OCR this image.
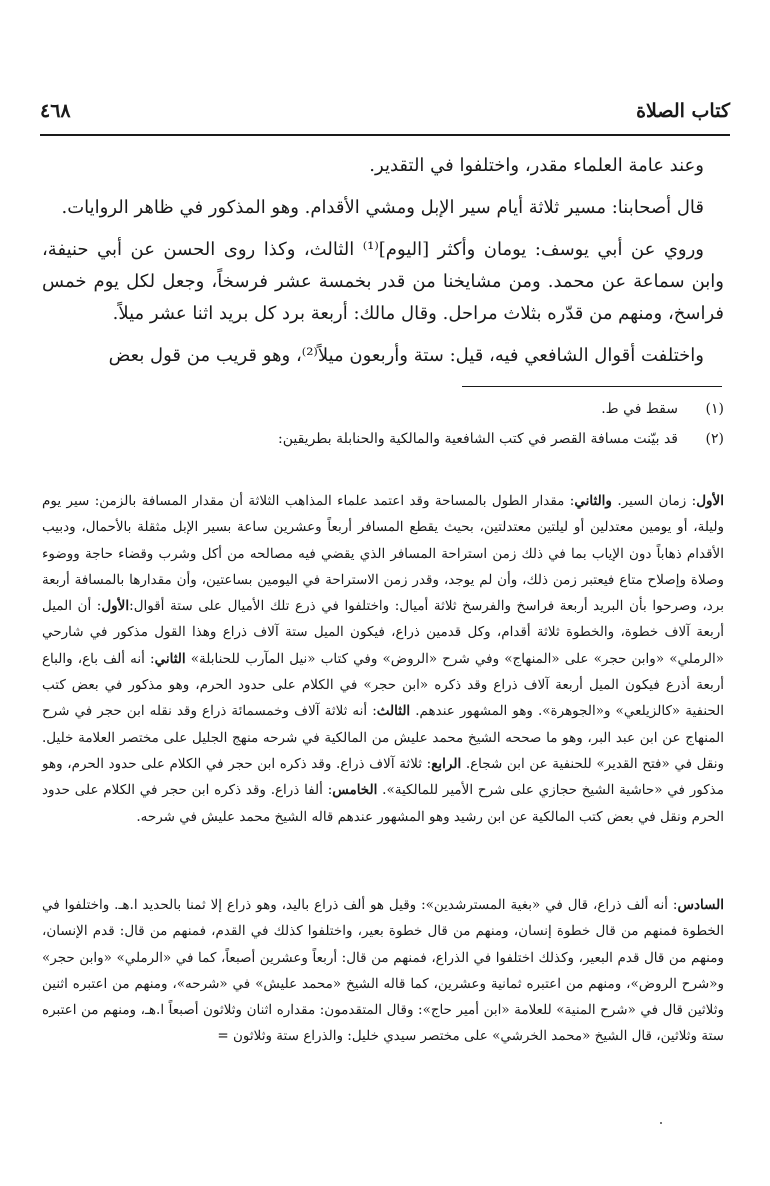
كتاب الصلاة
٤٦٨

وعند عامة العلماء مقدر، واختلفوا في التقدير.

قال أصحابنا: مسير ثلاثة أيام سير الإبل ومشي الأقدام. وهو المذكور في ظاهر الروايات.

وروي عن أبي يوسف: يومان وأكثر [اليوم]⁽¹⁾ الثالث، وكذا روى الحسن عن أبي حنيفة، وابن سماعة عن محمد. ومن مشايخنا من قدر بخمسة عشر فرسخاً، وجعل لكل يوم خمس فراسخ، ومنهم من قدّره بثلاث مراحل. وقال مالك: أربعة برد كل بريد اثنا عشر ميلاً.

واختلفت أقوال الشافعي فيه، قيل: ستة وأربعون ميلاً⁽²⁾، وهو قريب من قول بعض

(١)
سقط في ط.

(٢)
قد بيّنت مسافة القصر في كتب الشافعية والمالكية والحنابلة بطريقين:

الأول: زمان السير. والثاني: مقدار الطول بالمساحة وقد اعتمد علماء المذاهب الثلاثة أن مقدار المسافة بالزمن: سير يوم وليلة، أو يومين معتدلين أو ليلتين معتدلتين، بحيث يقطع المسافر أربعاً وعشرين ساعة بسير الإبل مثقلة بالأحمال، ودبيب الأقدام ذهاباً دون الإياب بما في ذلك زمن استراحة المسافر الذي يقضي فيه مصالحه من أكل وشرب وقضاء حاجة ووضوء وصلاة وإصلاح متاع فيعتبر زمن ذلك، وأن لم يوجد، وقدر زمن الاستراحة في اليومين بساعتين، وأن مقدارها بالمسافة أربعة برد، وصرحوا بأن البريد أربعة فراسخ والفرسخ ثلاثة أميال: واختلفوا في ذرع تلك الأميال على ستة أقوال:الأول: أن الميل أربعة آلاف خطوة، والخطوة ثلاثة أقدام، وكل قدمين ذراع، فيكون الميل ستة آلاف ذراع وهذا القول مذكور في شارحي «الرملي» «وابن حجر» على «المنهاج» وفي شرح «الروض» وفي كتاب «نيل المآرب للحنابلة» الثاني: أنه ألف باع، والباع أربعة أذرع فيكون الميل أربعة آلاف ذراع وقد ذكره «ابن حجر» في الكلام على حدود الحرم، وهو مذكور في بعض كتب الحنفية «كالزيلعي» و«الجوهرة». وهو المشهور عندهم. الثالث: أنه ثلاثة آلاف وخمسمائة ذراع وقد نقله ابن حجر في شرح المنهاج عن ابن عبد البر، وهو ما صححه الشيخ محمد عليش من المالكية في شرحه منهج الجليل على مختصر العلامة خليل. ونقل في «فتح القدير» للحنفية عن ابن شجاع. الرابع: ثلاثة آلاف ذراع. وقد ذكره ابن حجر في الكلام على حدود الحرم، وهو مذكور في «حاشية الشيخ حجازي على شرح الأمير للمالكية». الخامس: ألفا ذراع. وقد ذكره ابن حجر في الكلام على حدود الحرم ونقل في بعض كتب المالكية عن ابن رشيد وهو المشهور عندهم قاله الشيخ محمد عليش في شرحه.

السادس: أنه ألف ذراع، قال في «بغية المسترشدين»: وقيل هو ألف ذراع باليد، وهو ذراع إلا ثمنا بالحديد ا.هـ. واختلفوا في الخطوة فمنهم من قال خطوة إنسان، ومنهم من قال خطوة بعير، واختلفوا كذلك في القدم، فمنهم من قال: قدم الإنسان، ومنهم من قال قدم البعير، وكذلك اختلفوا في الذراع، فمنهم من قال: أربعاً وعشرين أصبعاً، كما في «الرملي» «وابن حجر» و«شرح الروض»، ومنهم من اعتبره ثمانية وعشرين، كما قاله الشيخ «محمد عليش» في «شرحه»، ومنهم من اعتبره اثنين وثلاثين قال في «شرح المنية» للعلامة «ابن أمير حاج»: وقال المتقدمون: مقداره اثنان وثلاثون أصبعاً ا.هـ، ومنهم من اعتبره ستة وثلاثين، قال الشيخ «محمد الخرشي» على مختصر سيدي خليل: والذراع ستة وثلاثون =
